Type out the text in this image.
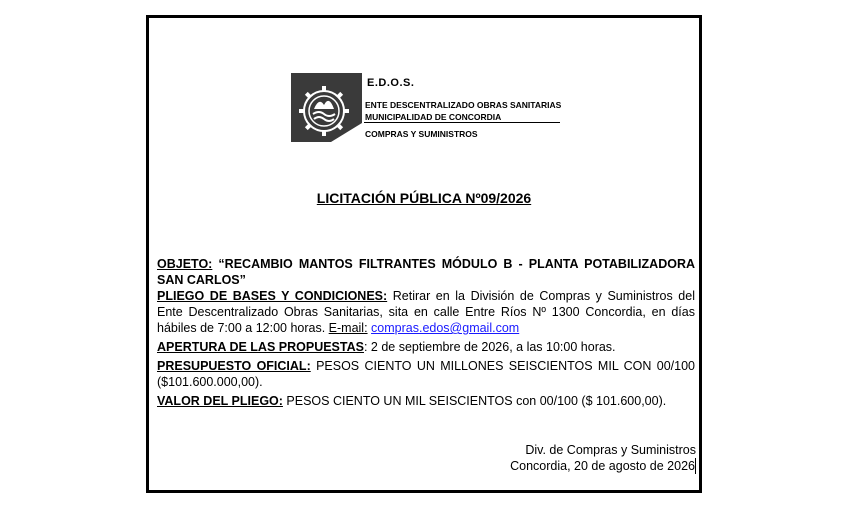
E.D.O.S.
ENTE DESCENTRALIZADO OBRAS SANITARIAS
MUNICIPALIDAD DE CONCORDIA
COMPRAS Y SUMINISTROS
LICITACIÓN PÚBLICA Nº09/2026

OBJETO: “RECAMBIO MANTOS FILTRANTES MÓDULO B - PLANTA POTABILIZADORA SAN CARLOS”

PLIEGO DE BASES Y CONDICIONES: Retirar en la División de Compras y Suministros del Ente Descentralizado Obras Sanitarias, sita en calle Entre Ríos Nº 1300 Concordia, en días hábiles de 7:00 a 12:00 horas. E-mail: compras.edos@gmail.com

APERTURA DE LAS PROPUESTAS: 2 de septiembre de 2026, a las 10:00 horas.

PRESUPUESTO OFICIAL: PESOS CIENTO UN MILLONES SEISCIENTOS MIL CON 00/100 ($101.600.000,00).

VALOR DEL PLIEGO: PESOS CIENTO UN MIL SEISCIENTOS con 00/100 ($ 101.600,00).

Div. de Compras y Suministros
Concordia, 20 de agosto de 2026
